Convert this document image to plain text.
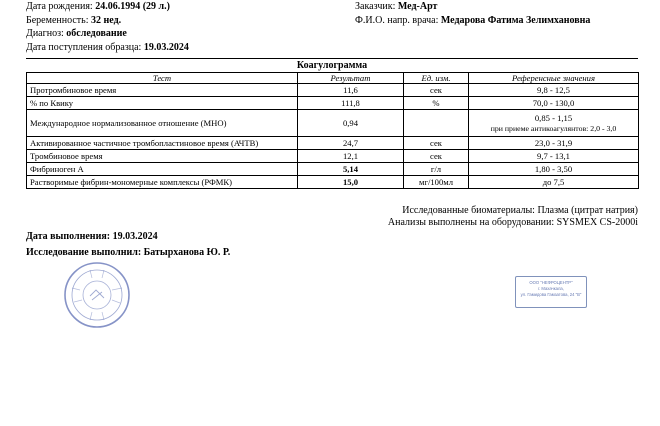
Дата рождения: 24.06.1994 (29 л.)
Беременность: 32 нед.
Диагноз: обследование
Дата поступления образца: 19.03.2024
Заказчик: Мед-Арт
Ф.И.О. напр. врача: Медарова Фатима Зелимхановна
Коагулограмма
Тест	Результат	Ед. изм.	Референсные значения
Протромбиновое время	11,6	сек	9,8 - 12,5
% по Квику	111,8	%	70,0 - 130,0
Международное нормализованное отношение (МНО)	0,94		0,85 - 1,15
при приеме антикоагулянтов: 2,0 - 3,0

Активированное частичное тромбопластиновое время (АЧТВ)	24,7	сек	23,0 - 31,9
Тромбиновое время	12,1	сек	9,7 - 13,1
Фибриноген А	5,14	г/л	1,80 - 3,50
Растворимые фибрин-мономерные комплексы (РФМК)	15,0	мг/100мл	до 7,5
Исследованные биоматериалы: Плазма (цитрат натрия)
Анализы выполнены на оборудовании: SYSMEX CS-2000i
Дата выполнения: 19.03.2024
Исследование выполнил: Батырханова Ю. Р.
ООО "НЕФРОЦЕНТР"
г. Махачкала,
ул. Гамидова Гамзатова, 24 "В"
